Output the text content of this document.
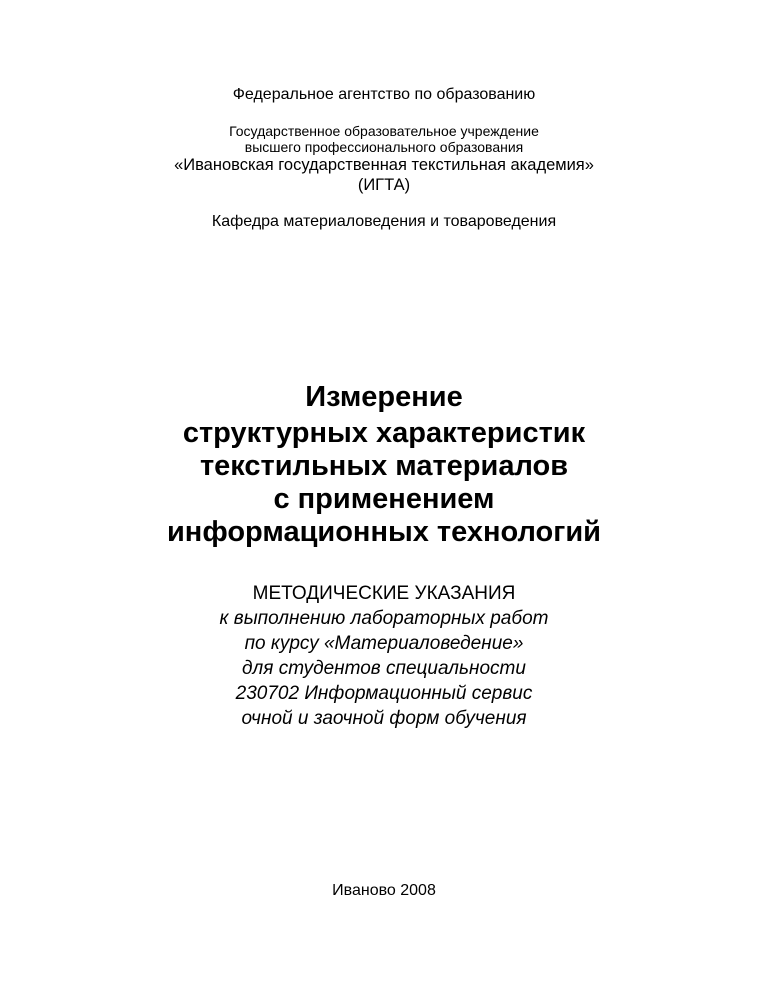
Федеральное агентство по образованию
Государственное образовательное учреждение
высшего профессионального образования
«Ивановская государственная текстильная академия»
(ИГТА)
Кафедра материаловедения и товароведения
Измерение
структурных характеристик
текстильных материалов
с применением
информационных технологий
МЕТОДИЧЕСКИЕ УКАЗАНИЯ
к выполнению лабораторных работ
по курсу «Материаловедение»
для студентов специальности
230702 Информационный сервис
очной и заочной форм обучения
Иваново 2008
